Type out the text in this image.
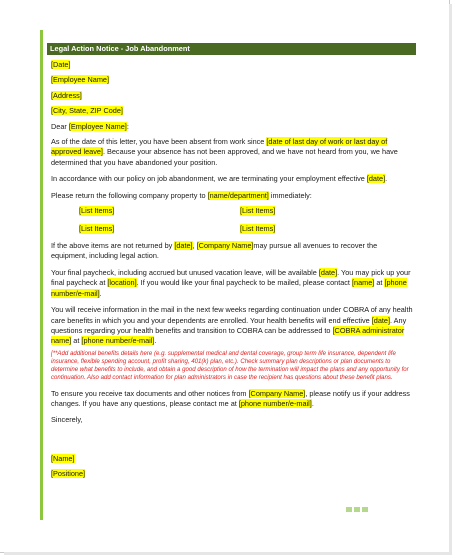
Legal Action Notice - Job Abandonment

[Date]

[Employee Name]

[Address]

[City, State, ZIP Code]

Dear [Employee Name]:

As of the date of this letter, you have been absent from work since [date of last day of work or last day of approved leave]. Because your absence has not been approved, and we have not heard from you, we have determined that you have abandoned your position.

In accordance with our policy on job abandonment, we are terminating your employment effective [date].

Please return the following company property to [name/department] immediately:

[List Items]	[List Items]
[List Items]	[List Items]

If the above items are not returned by [date], [Company Name]may pursue all avenues to recover the equipment, including legal action.

Your final paycheck, including accrued but unused vacation leave, will be available [date]. You may pick up your final paycheck at [location]. If you would like your final paycheck to be mailed, please contact [name] at [phone number/e-mail].

You will receive information in the mail in the next few weeks regarding continuation under COBRA of any health care benefits in which you and your dependents are enrolled. Your health benefits will end effective [date]. Any questions regarding your health benefits and transition to COBRA can be addressed to [COBRA administrator name] at [phone number/e-mail].

[**Add additional benefits details here (e.g. supplemental medical and dental coverage, group term life insurance, dependent life insurance, flexible spending account, profit sharing, 401(k) plan, etc.). Check summary plan descriptions or plan documents to determine what benefits to include, and obtain a good description of how the termination will impact the plans and any opportunity for continuation. Also add contact information for plan administrators in case the recipient has questions about these benefit plans.

To ensure you receive tax documents and other notices from [Company Name], please notify us if your address changes. If you have any questions, please contact me at [phone number/e-mail].

Sincerely,

[Name]

[Positione]
